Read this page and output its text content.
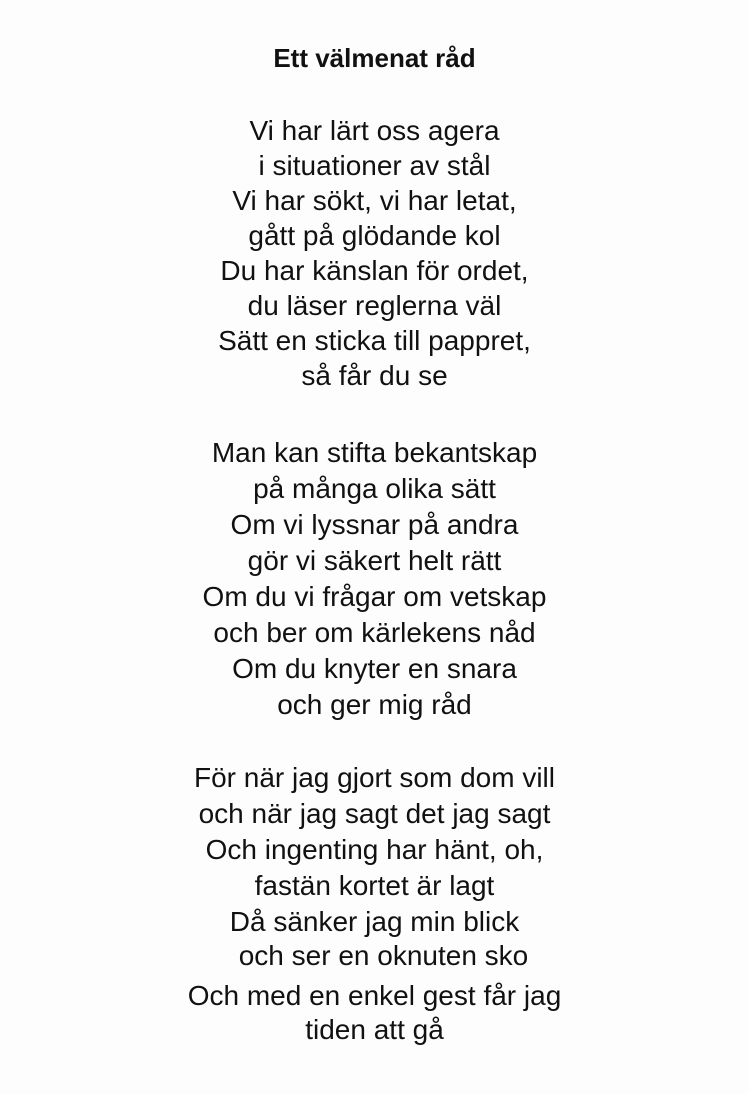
Ett välmenat råd
Vi har lärt oss agera
i situationer av stål
Vi har sökt, vi har letat,
gått på glödande kol
Du har känslan för ordet,
du läser reglerna väl
Sätt en sticka till pappret,
så får du se
Man kan stifta bekantskap
på många olika sätt
Om vi lyssnar på andra
gör vi säkert helt rätt
Om du vi frågar om vetskap
och ber om kärlekens nåd
Om du knyter en snara
och ger mig råd
För när jag gjort som dom vill
och när jag sagt det jag sagt
Och ingenting har hänt, oh,
fastän kortet är lagt
Då sänker jag min blick
och ser en oknuten sko
Och med en enkel gest får jag
tiden att gå
